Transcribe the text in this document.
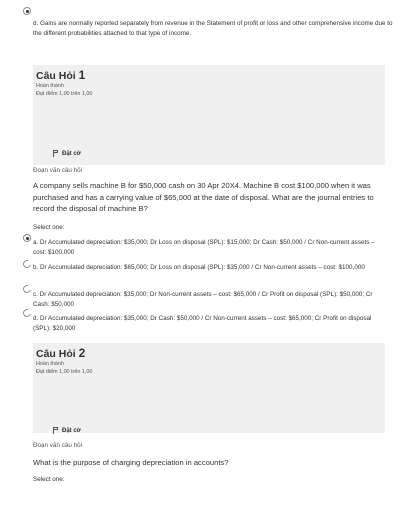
d. Gains are normally reported separately from revenue in the Statement of profit or loss and other comprehensive income due to the different probabilities attached to that type of income.
Câu Hỏi 1
Hoàn thành
Đạt điểm 1,00 trên 1,00
Đặt cờ
Đoạn văn câu hỏi
A company sells machine B for $50,000 cash on 30 Apr 20X4. Machine B cost $100,000 when it was purchased and has a carrying value of $65,000 at the date of disposal. What are the journal entries to record the disposal of machine B?
Select one:
a. Dr Accumulated depreciation: $35,000; Dr Loss on disposal (SPL): $15,000; Dr Cash: $50,000 / Cr Non-current assets – cost: $100,000
b. Dr Accumulated depreciation: $65,000; Dr Loss on disposal (SPL): $35,000 / Cr Non-current assets – cost: $100,000
c. Dr Accumulated depreciation: $35,000; Dr Non-current assets – cost: $65,000 / Cr Profit on disposal (SPL): $50,000; Cr Cash: $50,000
d. Dr Accumulated depreciation: $35,000; Dr Cash: $50,000 / Cr Non-current assets – cost: $65,000; Cr Profit on disposal (SPL): $20,000
Câu Hỏi 2
Hoàn thành
Đạt điểm 1,00 trên 1,00
Đặt cờ
Đoạn văn câu hỏi
What is the purpose of charging depreciation in accounts?
Select one:
